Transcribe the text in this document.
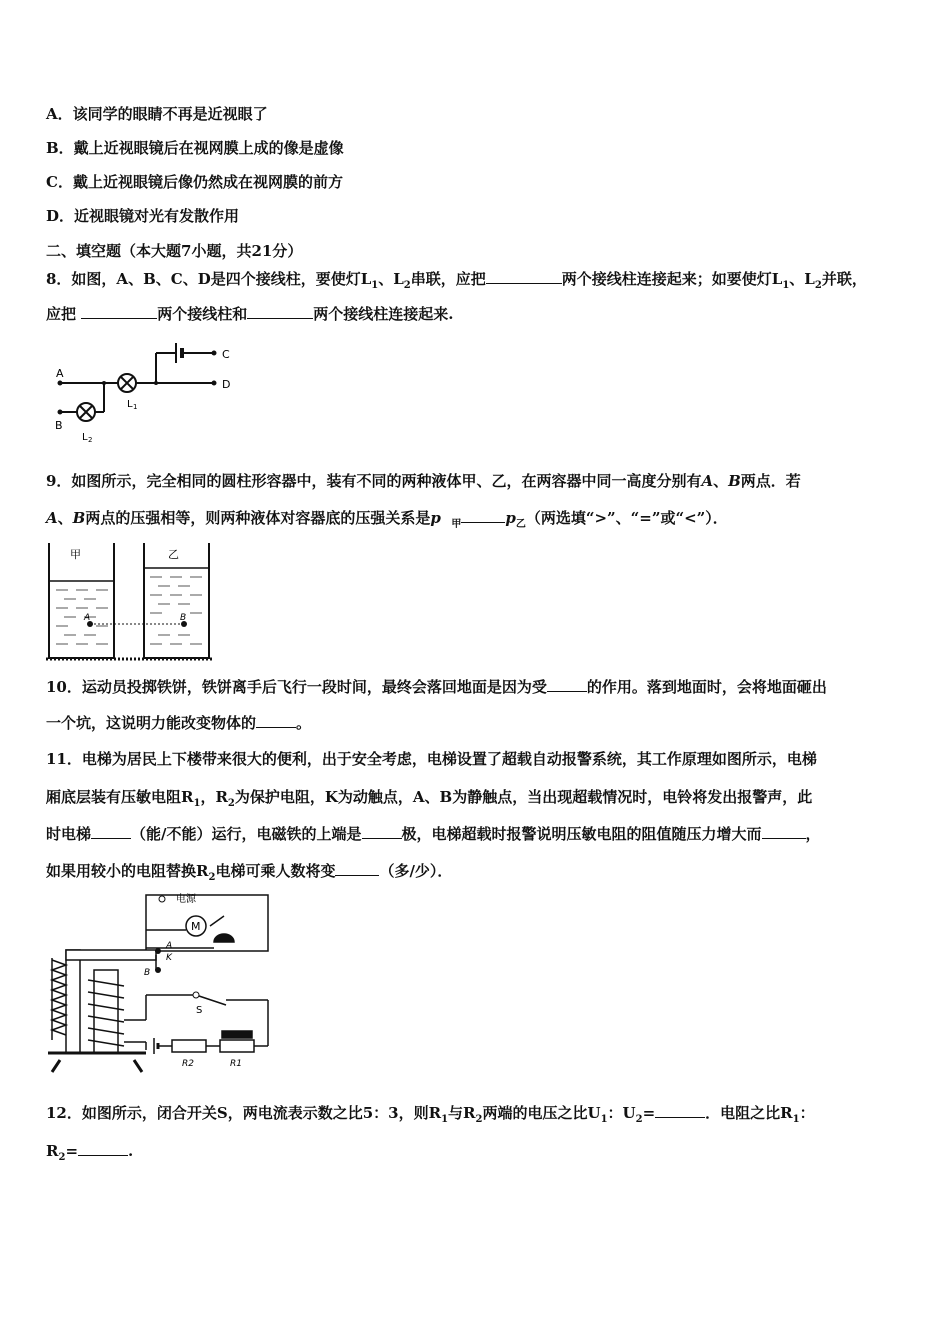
A．该同学的眼睛不再是近视眼了
B．戴上近视眼镜后在视网膜上成的像是虚像
C．戴上近视眼镜后像仍然成在视网膜的前方
D．近视眼镜对光有发散作用
二、填空题（本大题7小题，共21分）
8．如图，A、B、C、D是四个接线柱，要使灯$L_1$、$L_2$串联，应把	两个接线柱连接起来；如要使灯$L_1$、$L_2$并联，
应把	两个接线柱和	两个接线柱连接起来.
A
B
C
D
L 1
L 2
9．如图所示，完全相同的圆柱形容器中，装有不同的两种液体甲、乙，在两容器中同一高度分别有A、B两点．若
A、B两点的压强相等，则两种液体对容器底的压强关系是p $_甲$	$p_乙$（两选填“>”、“=”或“<”）．
甲	乙
A	B
10．运动员投掷铁饼，铁饼离手后飞行一段时间，最终会落回地面是因为受	的作用。落到地面时，会将地面砸出
一个坑，这说明力能改变物体的	。
11．电梯为居民上下楼带来很大的便利，出于安全考虑，电梯设置了超载自动报警系统，其工作原理如图所示，电梯
厢底层装有压敏电阻$R_1$，$R_2$为保护电阻，K为动触点，A、B为静触点，当出现超载情况时，电铃将发出报警声，此
时电梯	（能/不能）运行，电磁铁的上端是	极，电梯超载时报警说明压敏电阻的阻值随压力增大而	，
如果用较小的电阻替换$R_2$电梯可乘人数将变	（多/少）．
电源
M
A
K
B
S
R2	R1
12．如图所示，闭合开关S，两电流表示数之比5：3，则$R_1$与$R_2$两端的电压之比$U_1$：$U_2=$	．电阻之比$R_1$：
$R_2=$	.
